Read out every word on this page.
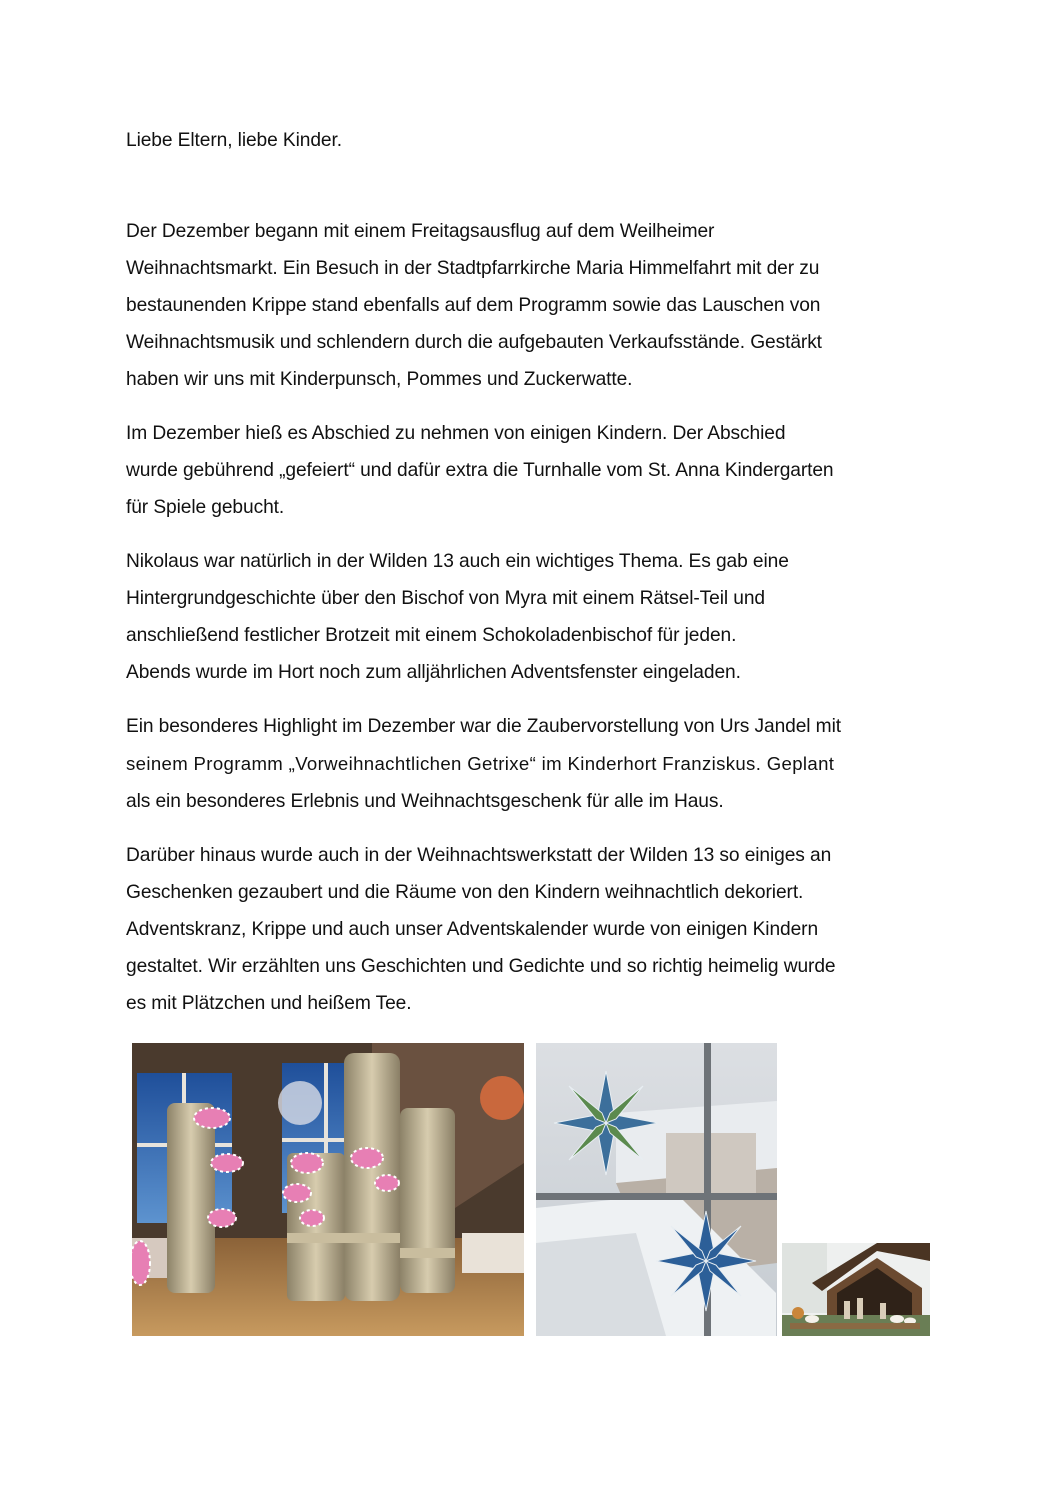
Liebe Eltern, liebe Kinder.

Der Dezember begann mit einem Freitagsausflug auf dem Weilheimer
Weihnachtsmarkt. Ein Besuch in der Stadtpfarrkirche Maria Himmelfahrt mit der zu
bestaunenden Krippe stand ebenfalls auf dem Programm sowie das Lauschen von
Weihnachtsmusik und schlendern durch die aufgebauten Verkaufsstände. Gestärkt
haben wir uns mit Kinderpunsch, Pommes und Zuckerwatte.

Im Dezember hieß es Abschied zu nehmen von einigen Kindern. Der Abschied
wurde gebührend „gefeiert“ und dafür extra die Turnhalle vom St. Anna Kindergarten
für Spiele gebucht.

Nikolaus war natürlich in der Wilden 13 auch ein wichtiges Thema. Es gab eine
Hintergrundgeschichte über den Bischof von Myra mit einem Rätsel-Teil und
anschließend festlicher Brotzeit mit einem Schokoladenbischof für jeden.
Abends wurde im Hort noch zum alljährlichen Adventsfenster eingeladen.

Ein besonderes Highlight im Dezember war die Zaubervorstellung von Urs Jandel mit
seinem Programm „Vorweihnachtlichen Getrixe“ im Kinderhort Franziskus. Geplant
als ein besonderes Erlebnis und Weihnachtsgeschenk für alle im Haus.

Darüber hinaus wurde auch in der Weihnachtswerkstatt der Wilden 13 so einiges an
Geschenken gezaubert und die Räume von den Kindern weihnachtlich dekoriert.
Adventskranz, Krippe und auch unser Adventskalender wurde von einigen Kindern
gestaltet. Wir erzählten uns Geschichten und Gedichte und so richtig heimelig wurde
es mit Plätzchen und heißem Tee.
